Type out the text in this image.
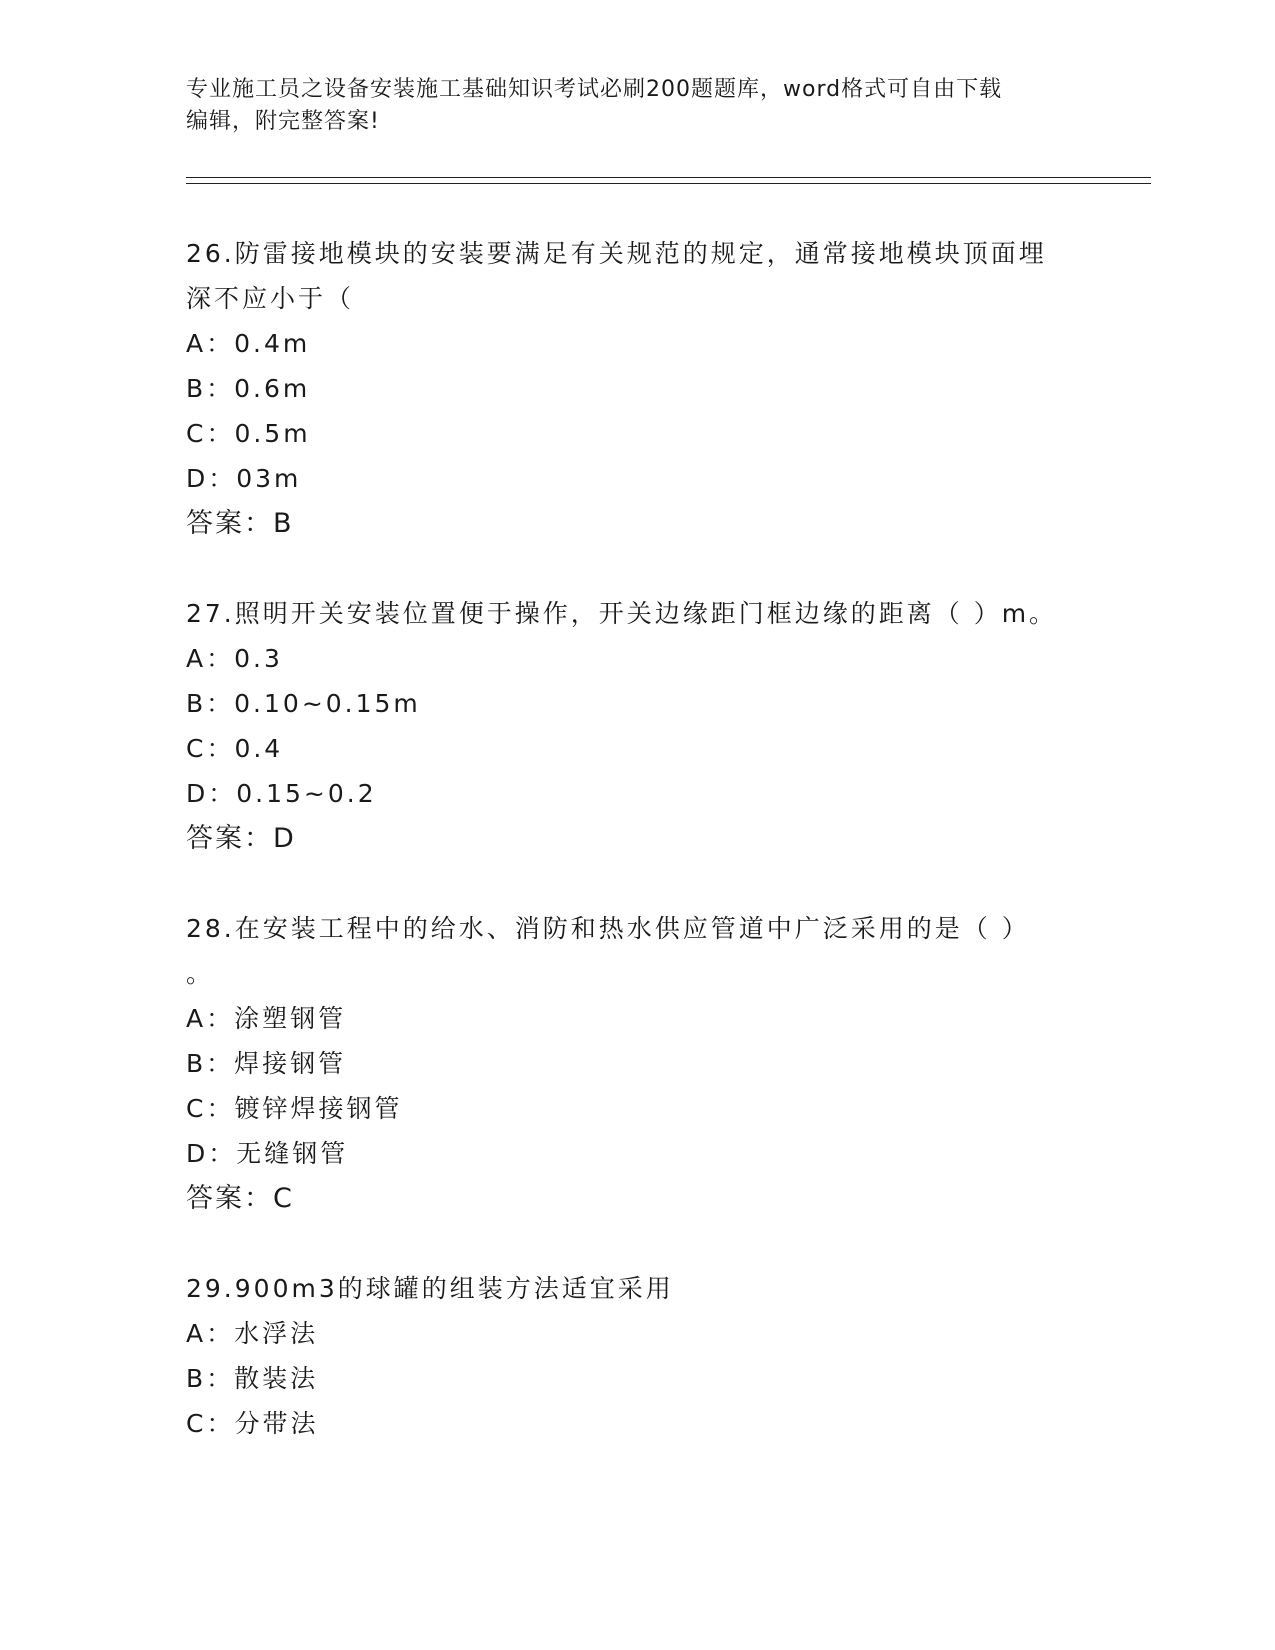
专业施工员之设备安装施工基础知识考试必刷200题题库，word格式可自由下载
编辑，附完整答案!
26.防雷接地模块的安装要满足有关规范的规定，通常接地模块顶面埋
深不应小于（
A：0.4m
B：0.6m
C：0.5m
D：03m
答案：B
27.照明开关安装位置便于操作，开关边缘距门框边缘的距离（ ）m。
A：0.3
B：0.10~0.15m
C：0.4
D：0.15~0.2
答案：D
28.在安装工程中的给水、消防和热水供应管道中广泛采用的是（ ）
。
A：涂塑钢管
B：焊接钢管
C：镀锌焊接钢管
D：无缝钢管
答案：C
29.900m3的球罐的组装方法适宜采用
A：水浮法
B：散装法
C：分带法
